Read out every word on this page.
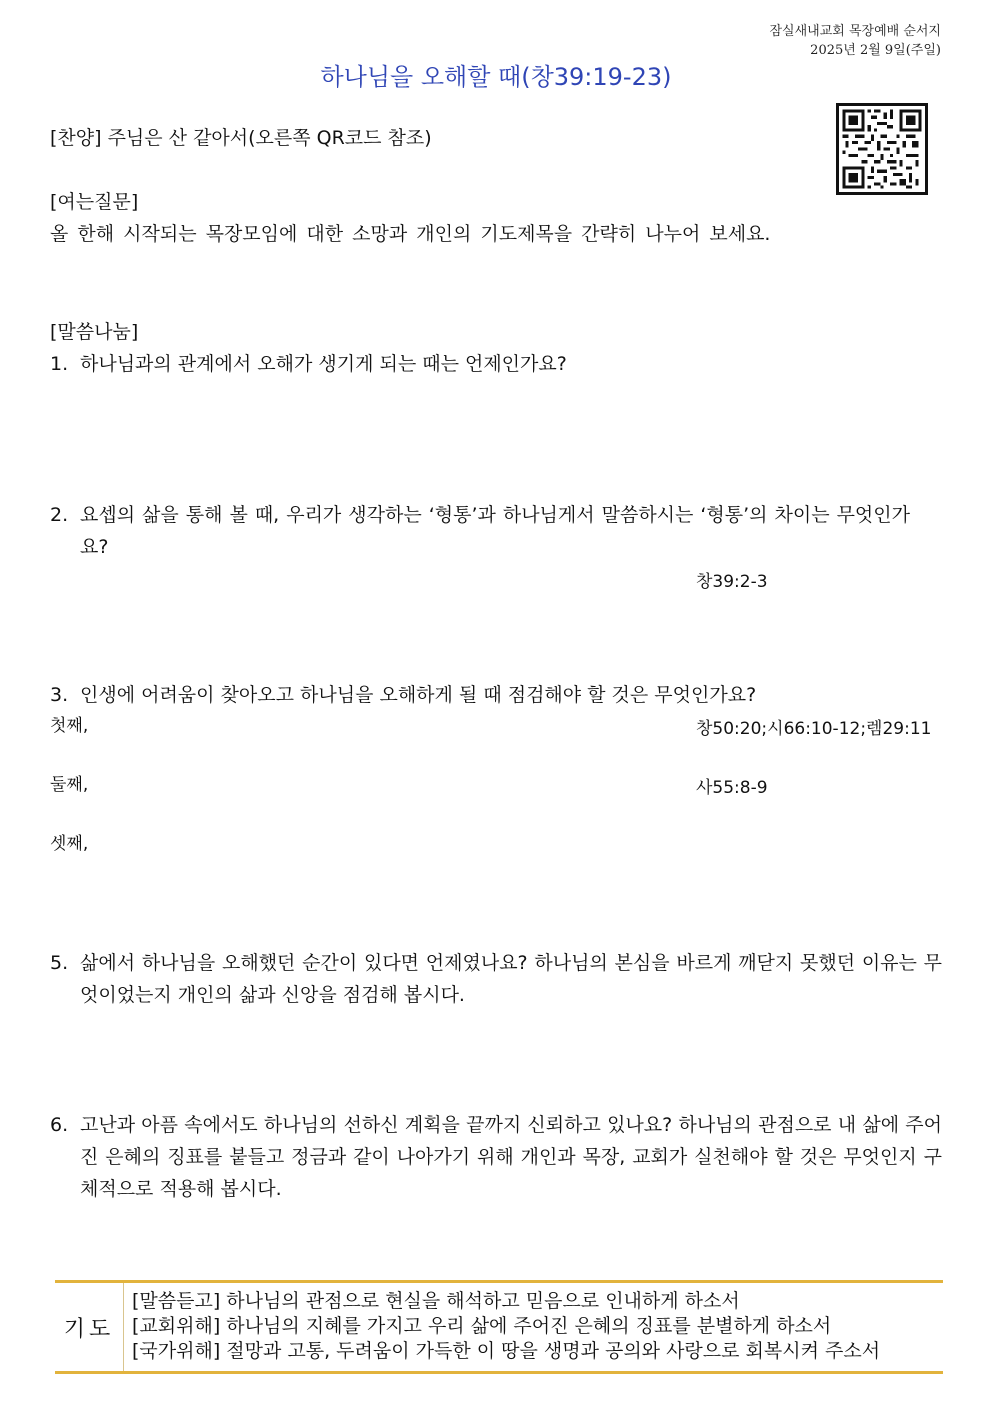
잠실새내교회 목장예배 순서지
2025년 2월 9일(주일)
하나님을 오해할 때(창39:19-23)
[찬양] 주님은 산 같아서(오른쪽 QR코드 참조)
[여는질문]
올 한해 시작되는 목장모임에 대한 소망과 개인의 기도제목을 간략히 나누어 보세요.
[말씀나눔]
1. 하나님과의 관계에서 오해가 생기게 되는 때는 언제인가요?
2. 요셉의 삶을 통해 볼 때, 우리가 생각하는 ‘형통’과 하나님게서 말씀하시는 ‘형통’의 차이는 무엇인가요?
창39:2-3
3. 인생에 어려움이 찾아오고 하나님을 오해하게 될 때 점검해야 할 것은 무엇인가요?
첫째,	창50:20;시66:10-12;렘29:11
둘째,	사55:8-9
셋째,
5. 삶에서 하나님을 오해했던 순간이 있다면 언제였나요? 하나님의 본심을 바르게 깨닫지 못했던 이유는 무엇이었는지 개인의 삶과 신앙을 점검해 봅시다.
6. 고난과 아픔 속에서도 하나님의 선하신 계획을 끝까지 신뢰하고 있나요? 하나님의 관점으로 내 삶에 주어진 은혜의 징표를 붙들고 정금과 같이 나아가기 위해 개인과 목장, 교회가 실천해야 할 것은 무엇인지 구체적으로 적용해 봅시다.
기도
[말씀듣고] 하나님의 관점으로 현실을 해석하고 믿음으로 인내하게 하소서
[교회위해] 하나님의 지혜를 가지고 우리 삶에 주어진 은혜의 징표를 분별하게 하소서
[국가위해] 절망과 고통, 두려움이 가득한 이 땅을 생명과 공의와 사랑으로 회복시켜 주소서
